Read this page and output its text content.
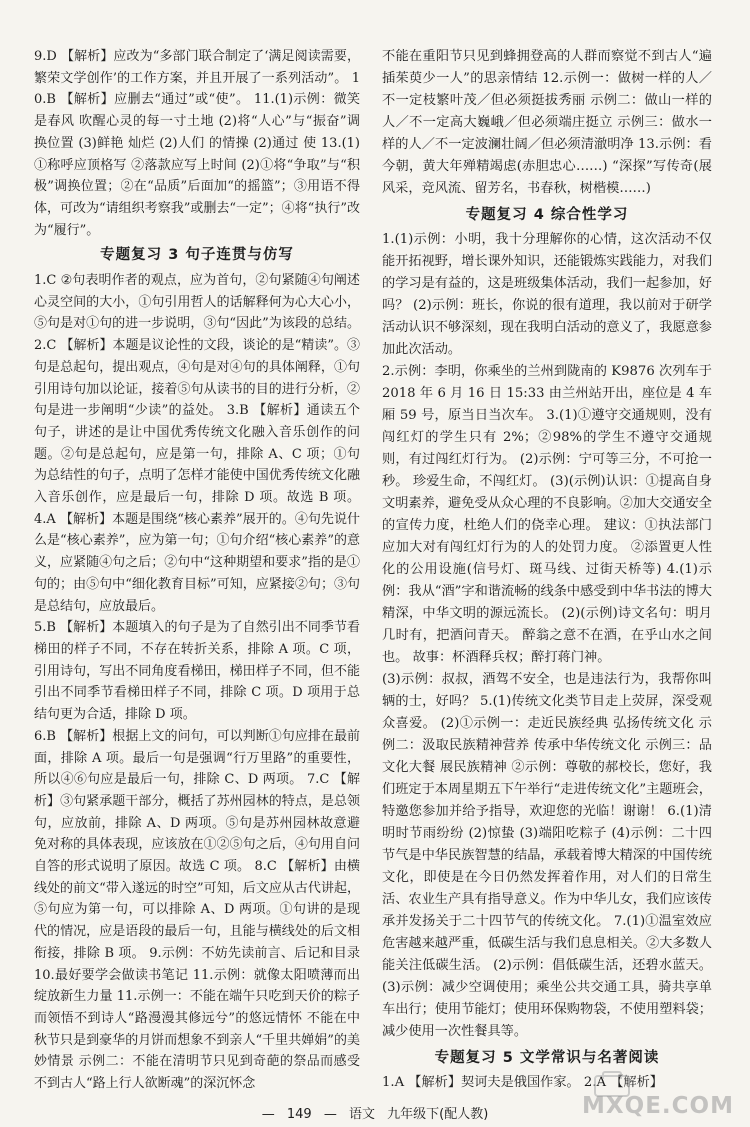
9.D 【解析】应改为“多部门联合制定了‘满足阅读需要，繁荣文学创作’的工作方案，并且开展了一系列活动”。 10.B 【解析】应删去“通过”或“使”。 11.(1)示例：微笑是春风 吹醒心灵的每一寸土地 (2)将“人心”与“振奋”调换位置 (3)鲜艳 灿烂 (2)人们 的情操 (2)通过 使 13.(1)①称呼应顶格写 ②落款应写上时间 (2)①将“争取”与“积极”调换位置；②在“品质”后面加“的摇篮”；③用语不得体，可改为“请组织考察我”或删去“一定”；④将“执行”改为“履行”。

专题复习 3 句子连贯与仿写

1.C ②句表明作者的观点，应为首句，②句紧随④句阐述心灵空间的大小，①句引用哲人的话解释何为心大心小，⑤句是对①句的进一步说明，③句“因此”为该段的总结。 2.C 【解析】本题是议论性的文段，谈论的是“精读”。③句是总起句，提出观点，④句是对④句的具体阐释，①句引用诗句加以论证，接着⑤句从读书的目的进行分析，②句是进一步阐明“少读”的益处。 3.B 【解析】通读五个句子，讲述的是让中国优秀传统文化融入音乐创作的问题。②句是总起句，应是第一句，排除 A、C 项；①句为总结性的句子，点明了怎样才能使中国优秀传统文化融入音乐创作，应是最后一句，排除 D 项。故选 B 项。 4.A 【解析】本题是围绕“核心素养”展开的。④句先说什么是“核心素养”，应为第一句；①句介绍“核心素养”的意义，应紧随④句之后；②句中“这种期望和要求”指的是①句的；由⑤句中“细化教育目标”可知，应紧接②句；③句是总结句，应放最后。

5.B 【解析】本题填入的句子是为了自然引出不同季节看梯田的样子不同，不存在转折关系，排除 A 项。C 项，引用诗句，写出不同角度看梯田，梯田样子不同，但不能引出不同季节看梯田样子不同，排除 C 项。D 项用于总结句更为合适，排除 D 项。

6.B 【解析】根据上文的问句，可以判断①句应排在最前面，排除 A 项。最后一句是强调“行万里路”的重要性，所以④⑥句应是最后一句，排除 C、D 两项。 7.C 【解析】③句紧承题干部分，概括了苏州园林的特点，是总领句，应放前，排除 A、D 两项。⑤句是苏州园林故意避免对称的具体表现，应该放在①②⑤句之后，④句用自问自答的形式说明了原因。故选 C 项。 8.C 【解析】由横线处的前文“带入遂远的时空”可知，后文应从古代讲起，⑤句应为第一句，可以排除 A、D 两项。①句讲的是现代的情况，应是语段的最后一句，且能与横线处的后文相衔接，排除 B 项。 9.示例：不妨先读前言、后记和目录 10.最好要学会做读书笔记 11.示例：就像太阳喷薄而出 绽放新生力量 11.示例一：不能在端午只吃到天价的粽子而领悟不到诗人“路漫漫其修远兮”的悠远情怀 不能在中秋节只是到豪华的月饼而想象不到亲人“千里共婵娟”的美妙情景 示例二：不能在清明节只见到奇葩的祭品而感受不到古人“路上行人欲断魂”的深沉怀念

不能在重阳节只见到蜂拥登高的人群而察觉不到古人“遍插茱萸少一人”的思亲情结 12.示例一：做树一样的人／不一定枝繁叶茂／但必须挺拔秀丽 示例二：做山一样的人／不一定高大巍峨／但必须端庄挺立 示例三：做水一样的人／不一定波澜壮阔／但必须清澈明净 13.示例：看今朝，黄大年殚精竭虑(赤胆忠心……) “深探”写传奇(展风采，竞风流、留芳名，书春秋，树楷模……)

专题复习 4 综合性学习

1.(1)示例：小明，我十分理解你的心情，这次活动不仅能开拓视野，增长课外知识，还能锻炼实践能力，对我们的学习是有益的，这是班级集体活动，我们一起参加，好吗？ (2)示例：班长，你说的很有道理，我以前对于研学活动认识不够深刻，现在我明白活动的意义了，我愿意参加此次活动。

2.示例：李明，你乘坐的兰州到陇南的 K9876 次列车于 2018 年 6 月 16 日 15:33 由兰州站开出，座位是 4 车厢 59 号，原当日当次车。 3.(1)①遵守交通规则，没有闯红灯的学生只有 2%；②98%的学生不遵守交通规则，有过闯红灯行为。 (2)示例：宁可等三分，不可抢一秒。 珍爱生命，不闯红灯。 (3)(示例)认识：①提高自身文明素养，避免受从众心理的不良影响。②加大交通安全的宣传力度，杜绝人们的侥幸心理。 建议：①执法部门应加大对有闯红灯行为的人的处罚力度。 ②添置更人性化的公用设施(信号灯、斑马线、过街天桥等) 4.(1)示例：我从“酒”字和谐流畅的线条中感受到中华书法的博大精深，中华文明的源远流长。 (2)(示例)诗文名句：明月几时有，把酒问青天。 醉翁之意不在酒，在乎山水之间也。 故事：杯酒释兵权；醉打蒋门神。

(3)示例：叔叔，酒驾不安全，也是违法行为，我帮你叫辆的士，好吗？ 5.(1)传统文化类节目走上荧屏，深受观众喜爱。 (2)①示例一：走近民族经典 弘扬传统文化 示例二：汲取民族精神营养 传承中华传统文化 示例三：品文化大餐 展民族精神 ②示例：尊敬的郝校长，您好，我们班定于本周星期五下午举行“走进传统文化”主题班会，特邀您参加并给予指导，欢迎您的光临！谢谢！ 6.(1)清明时节雨纷纷 (2)惊蛰 (3)端阳吃粽子 (4)示例：二十四节气是中华民族智慧的结晶，承载着博大精深的中国传统文化，即使是在今日仍然发挥着作用，对人们的日常生活、农业生产具有指导意义。作为中华儿女，我们应该传承并发扬关于二十四节气的传统文化。 7.(1)①温室效应危害越来越严重，低碳生活与我们息息相关。②大多数人能关注低碳生活。 (2)示例：倡低碳生活，还碧水蓝天。 (3)示例：减少空调使用；乘坐公共交通工具，骑共享单车出行；使用节能灯；使用环保购物袋，不使用塑料袋；减少使用一次性餐具等。

专题复习 5 文学常识与名著阅读

1.A 【解析】契诃夫是俄国作家。 2.A 【解析】

— 149 — 语文 九年级下(配人教)	MXQE.COM
